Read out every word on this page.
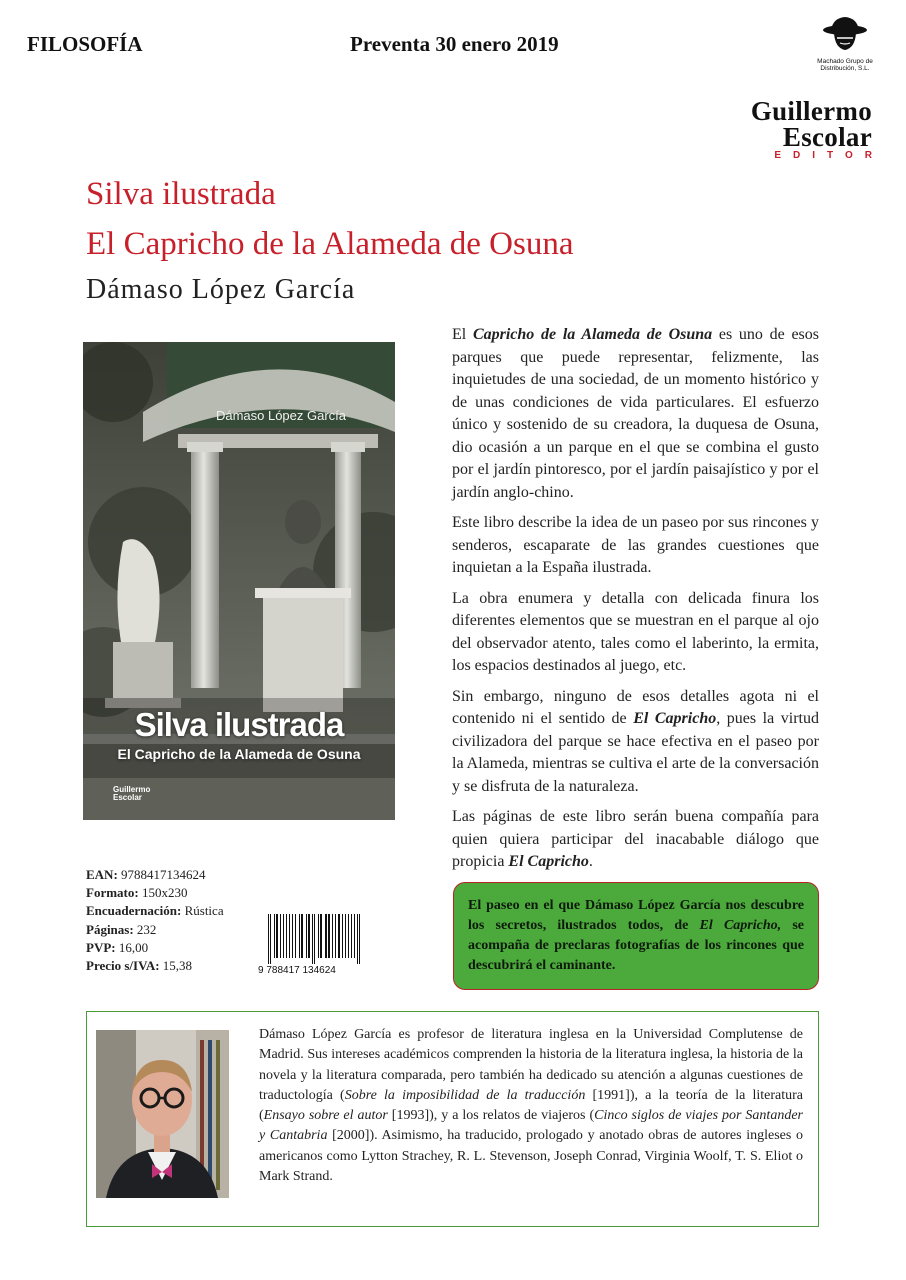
FILOSOFÍA	Preventa 30 enero 2019
Machado Grupo de Distribución, S.L.
Guillermo
Escolar
EDITOR
Silva ilustrada
El Capricho de la Alameda de Osuna
Dámaso López García
Dámaso López García
Silva ilustrada
El Capricho de la Alameda de Osuna
Guillermo
Escolar

El Capricho de la Alameda de Osuna es uno de esos parques que puede representar, felizmente, las inquietudes de una sociedad, de un momento histórico y de unas condiciones de vida particulares. El esfuerzo único y sostenido de su creadora, la duquesa de Osuna, dio ocasión a un parque en el que se combina el gusto por el jardín pintoresco, por el jardín paisajístico y por el jardín anglo-chino.

Este libro describe la idea de un paseo por sus rincones y senderos, escaparate de las grandes cuestiones que inquietan a la España ilustrada.

La obra enumera y detalla con delicada finura los diferentes elementos que se muestran en el parque al ojo del observador atento, tales como el laberinto, la ermita, los espacios destinados al juego, etc.

Sin embargo, ninguno de esos detalles agota ni el contenido ni el sentido de El Capricho, pues la virtud civilizadora del parque se hace efectiva en el paseo por la Alameda, mientras se cultiva el arte de la conversación y se disfruta de la naturaleza.

Las páginas de este libro serán buena compañía para quien quiera participar del inacabable diálogo que propicia El Capricho.

EAN: 9788417134624
Formato: 150x230
Encuadernación: Rústica
Páginas: 232
PVP: 16,00
Precio s/IVA: 15,38	9 788417 134624
El paseo en el que Dámaso López García nos descubre los secretos, ilustrados todos, de El Capricho, se acompaña de preclaras fotografías de los rincones que descubrirá el caminante.
Dámaso López García es profesor de literatura inglesa en la Universidad Complutense de Madrid. Sus intereses académicos comprenden la historia de la literatura inglesa, la historia de la novela y la literatura comparada, pero también ha dedicado su atención a algunas cuestiones de traductología (Sobre la imposibilidad de la traducción [1991]), a la teoría de la literatura (Ensayo sobre el autor [1993]), y a los relatos de viajeros (Cinco siglos de viajes por Santander y Cantabria [2000]). Asimismo, ha traducido, prologado y anotado obras de autores ingleses o americanos como Lytton Strachey, R. L. Stevenson, Joseph Conrad, Virginia Woolf, T. S. Eliot o Mark Strand.
